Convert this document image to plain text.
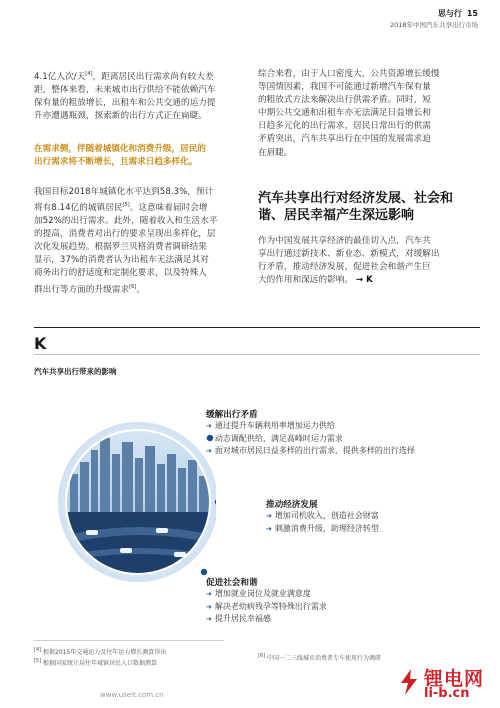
思与行 15
2018年中国汽车共享出行市场
4.1亿人次/天[4]，距离居民出行需求尚有较大差
距，整体来看，未来城市出行供给不能依赖汽车
保有量的粗放增长，出租车和公共交通的运力提
升亦遭遇瓶颈，探索新的出行方式正在扁睫。
在需求侧，伴随着城镇化和消费升级，居民的
出行需求将不断增长，且需求日趋多样化。
我国目标2018年城镇化水平达到58.3%，预计
将有8.14亿的城镇居民[5]。这意味着届时会增
加52%的出行需求。此外，随着收入和生活水平
的提高，消费者对出行的要求呈现出多样化，层
次化发展趋势。根据罗兰贝格消费者调研结果
显示，37%的消费者认为出租车无法满足其对
商务出行的舒适度和定制化要求，以及特殊人
群出行等方面的升级需求[6]。
综合来看，由于人口密度大，公共资源增长缓慢
等国情因素，我国不可能通过新增汽车保有量
的粗放式方法来解决出行供需矛盾。同时，短
中期公共交通和出租车亦无法满足日益增长和
日趋多元化的出行需求，居民日常出行的供需
矛盾突出，汽车共享出行在中国的发展需求迫
在眉睫。
汽车共享出行对经济发展、社会和
谐、居民幸福产生深远影响
作为中国发展共享经济的最佳切入点，汽车共
享出行通过新技术、新业态、新模式，对缓解出
行矛盾，推动经济发展，促进社会和谐产生巨
大的作用和深远的影响。 → K
K
汽车共享出行带来的影响
缓解出行矛盾
➔ 通过提升车辆利用率增加运力供给
➔ 动态调配供给，满足高峰时运力需求
➔ 面对城市居民日益多样的出行需求，提供多样的出行选择
推动经济发展
➔ 增加司机收入，创造社会财富
➔ 刺激消费升级，助理经济转型
促进社会和谐
➔ 增加就业岗位及就业满意度
➔ 解决老幼病残孕等特殊出行需求
➔ 提升居民幸福感
[4] 根据2015年交通运力及往年运力增长测算得出
[5] 根据国家统计局往年城镇居民人口数据测算
[6] 中国一二三线城市消费者专车使用行为调研
www.useit.com.cn
锂电网
li-b.cn
